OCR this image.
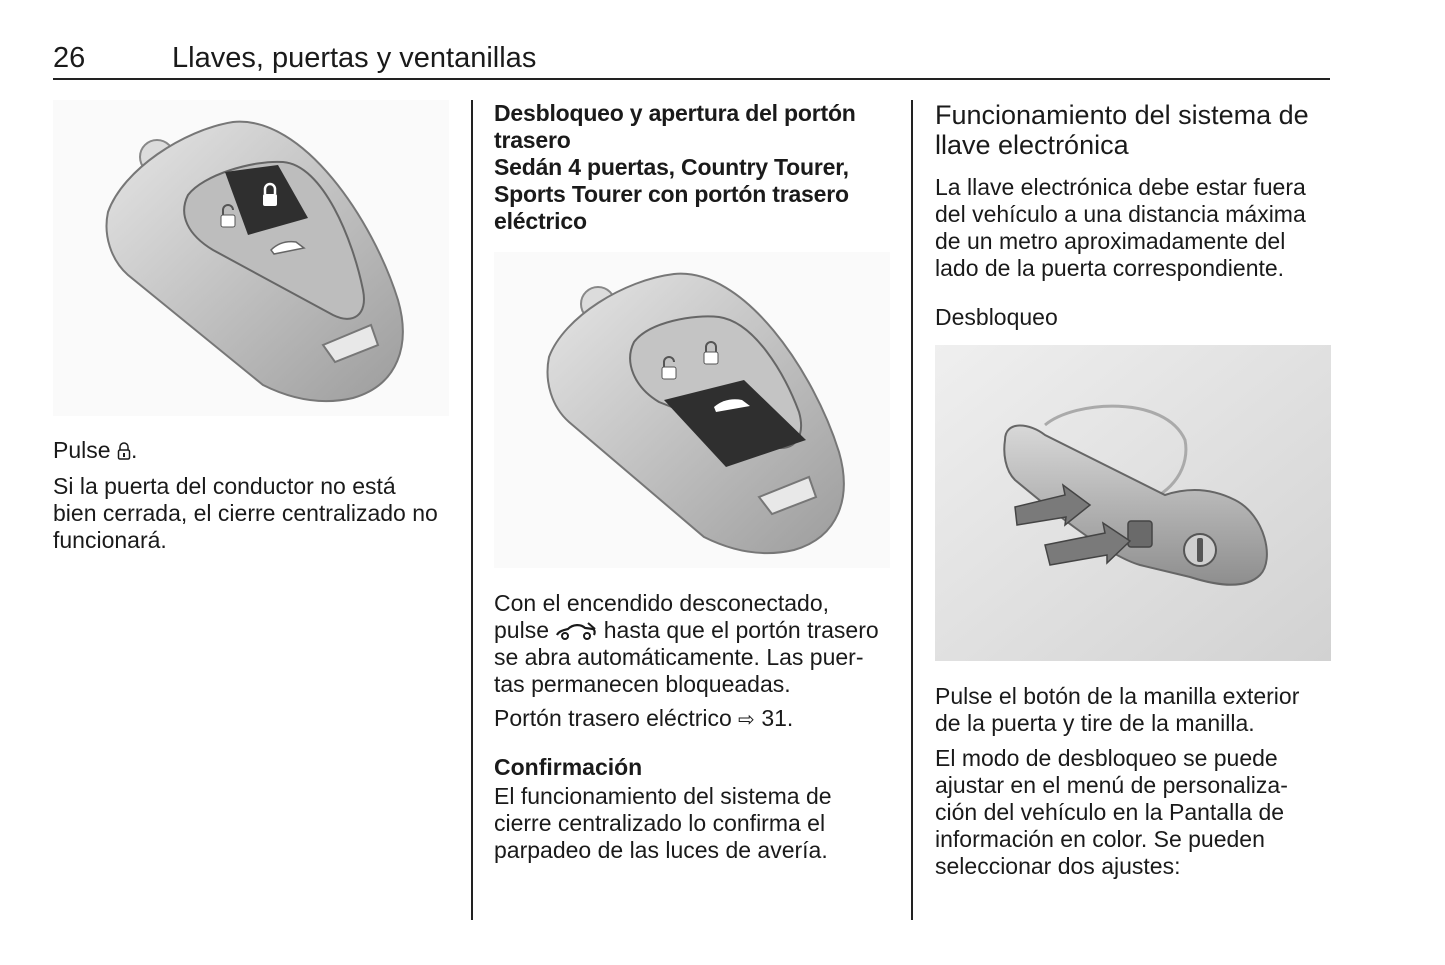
26	Llaves, puertas y ventanillas

Pulse .

Si la puerta del conductor no está
bien cerrada, el cierre centralizado no
funcionará.
Desbloqueo y apertura del portón
trasero
Sedán 4 puertas, Country Tourer,
Sports Tourer con portón trasero
eléctrico
Con el encendido desconectado,
pulse hasta que el portón trasero
se abra automáticamente. Las puer-
tas permanecen bloqueadas.

Portón trasero eléctrico ⇨ 31.

Confirmación

El funcionamiento del sistema de
cierre centralizado lo confirma el
parpadeo de las luces de avería.
Funcionamiento del sistema de
llave electrónica
La llave electrónica debe estar fuera
del vehículo a una distancia máxima
de un metro aproximadamente del
lado de la puerta correspondiente.

Desbloqueo

Pulse el botón de la manilla exterior
de la puerta y tire de la manilla.
El modo de desbloqueo se puede
ajustar en el menú de personaliza-
ción del vehículo en la Pantalla de
información en color. Se pueden
seleccionar dos ajustes:
